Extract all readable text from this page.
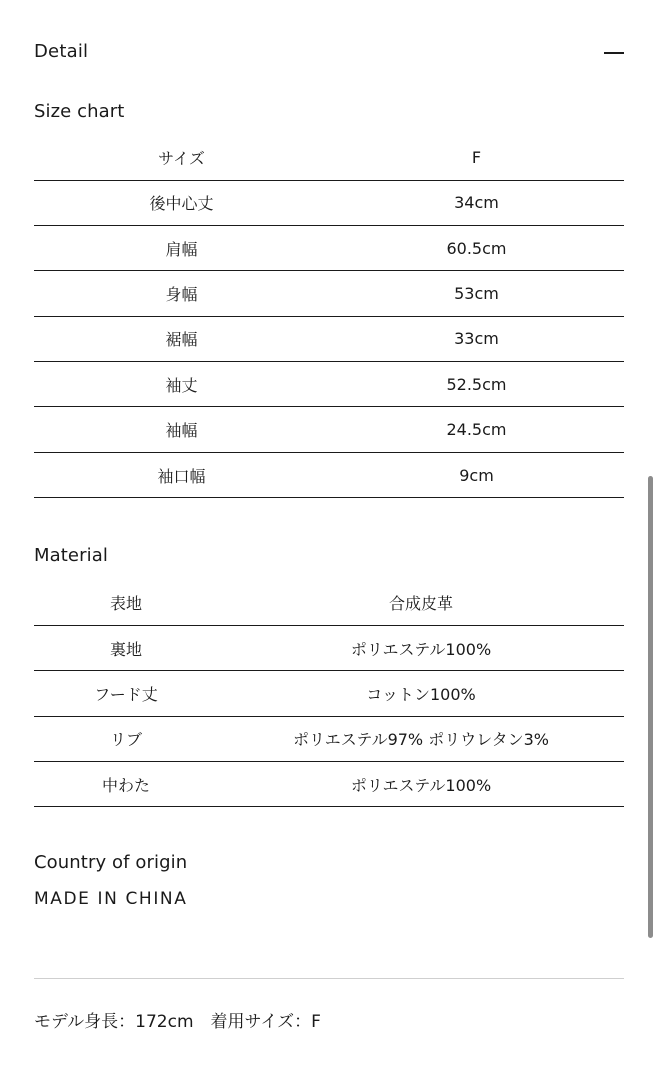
Detail
Size chart
サイズ	F
後中心丈	34cm
肩幅	60.5cm
身幅	53cm
裾幅	33cm
袖丈	52.5cm
袖幅	24.5cm
袖口幅	9cm
Material
表地	合成皮革
裏地	ポリエステル100%
フード丈	コットン100%
リブ	ポリエステル97% ポリウレタン3%
中わた	ポリエステル100%
Country of origin
MADE IN CHINA
モデル身長：172cm　着用サイズ：F
